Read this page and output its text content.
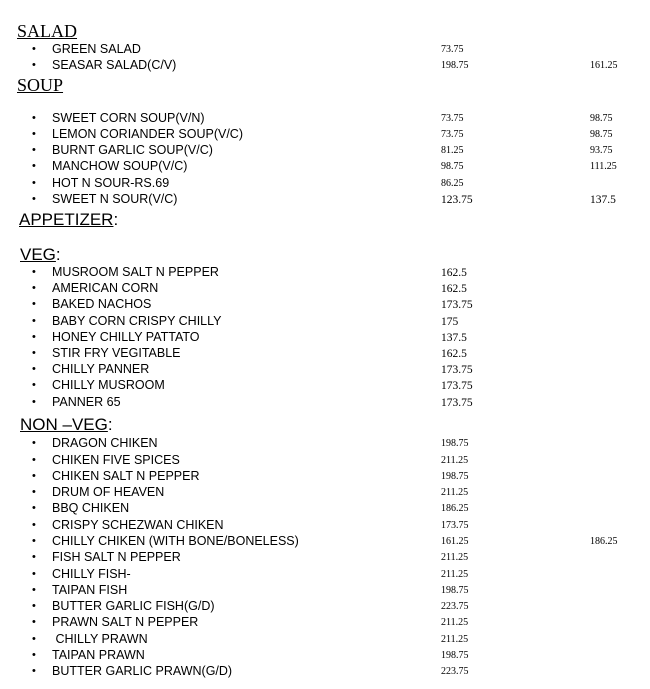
SALAD
• GREEN SALAD	73.75
• SEASAR SALAD(C/V)	198.75	161.25
SOUP
• SWEET CORN SOUP(V/N)	73.75	98.75
• LEMON CORIANDER SOUP(V/C)	73.75	98.75
• BURNT GARLIC SOUP(V/C)	81.25	93.75
• MANCHOW SOUP(V/C)	98.75	111.25
• HOT N SOUR-RS.69	86.25
• SWEET N SOUR(V/C)	123.75	137.5
APPETIZER:
VEG:
• MUSROOM SALT N PEPPER	162.5
• AMERICAN CORN	162.5
• BAKED NACHOS	173.75
• BABY CORN CRISPY CHILLY	175
• HONEY CHILLY PATTATO	137.5
• STIR FRY VEGITABLE	162.5
• CHILLY PANNER	173.75
• CHILLY MUSROOM	173.75
• PANNER 65	173.75
NON –VEG:
• DRAGON CHIKEN	198.75
• CHIKEN FIVE SPICES	211.25
• CHIKEN SALT N PEPPER	198.75
• DRUM OF HEAVEN	211.25
• BBQ CHIKEN	186.25
• CRISPY SCHEZWAN CHIKEN	173.75
• CHILLY CHIKEN (WITH BONE/BONELESS)	161.25	186.25
• FISH SALT N PEPPER	211.25
• CHILLY FISH-	211.25
• TAIPAN FISH	198.75
• BUTTER GARLIC FISH(G/D)	223.75
• PRAWN SALT N PEPPER	211.25
• CHILLY PRAWN	211.25
• TAIPAN PRAWN	198.75
• BUTTER GARLIC PRAWN(G/D)	223.75
